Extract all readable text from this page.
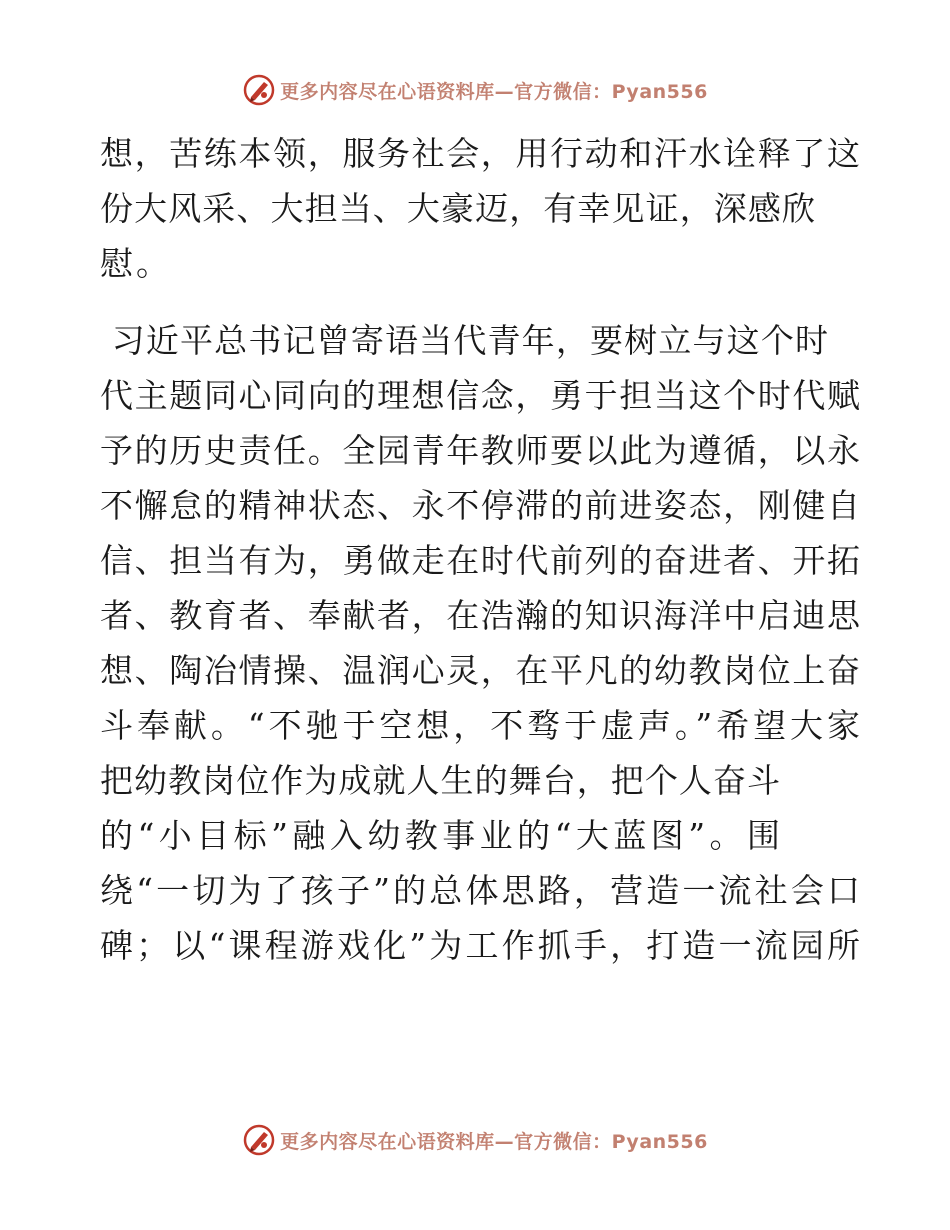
更多内容尽在心语资料库—官方微信：Pyan556
想，苦练本领，服务社会，用行动和汗水诠释了这
份大风采、大担当、大豪迈，有幸见证，深感欣
慰。
习近平总书记曾寄语当代青年，要树立与这个时
代主题同心同向的理想信念，勇于担当这个时代赋
予的历史责任。全园青年教师要以此为遵循，以永
不懈怠的精神状态、永不停滞的前进姿态，刚健自
信、担当有为，勇做走在时代前列的奋进者、开拓
者、教育者、奉献者，在浩瀚的知识海洋中启迪思
想、陶冶情操、温润心灵，在平凡的幼教岗位上奋
斗奉献。“不驰于空想，不骛于虚声。”希望大家
把幼教岗位作为成就人生的舞台，把个人奋斗
的“小目标”融入幼教事业的“大蓝图”。围
绕“一切为了孩子”的总体思路，营造一流社会口
碑；以“课程游戏化”为工作抓手，打造一流园所
更多内容尽在心语资料库—官方微信：Pyan556
